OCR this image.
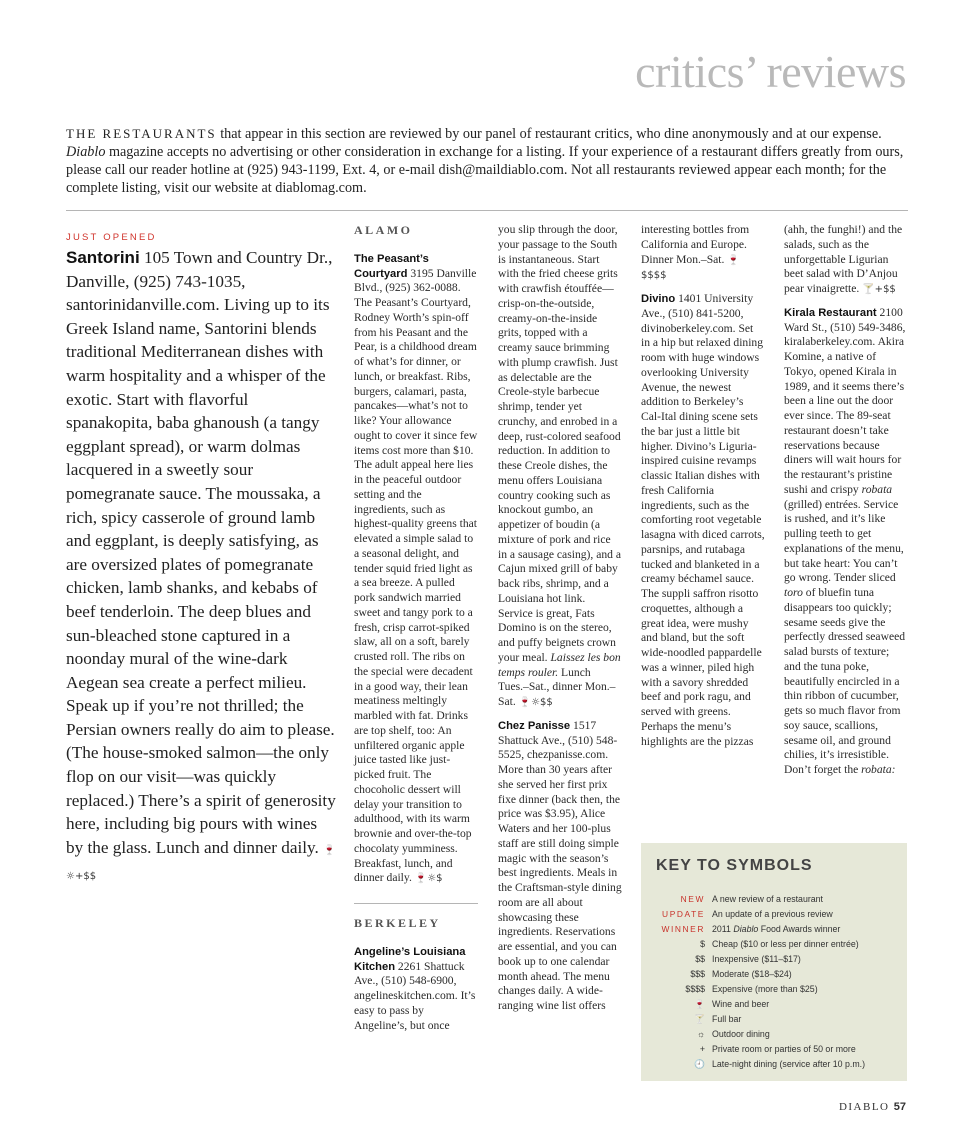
critics’ reviews
THE RESTAURANTS that appear in this section are reviewed by our panel of restaurant critics, who dine anonymously and at our expense. Diablo magazine accepts no advertising or other consideration in exchange for a listing. If your experience of a restaurant differs greatly from ours, please call our reader hotline at (925) 943-1199, Ext. 4, or e-mail dish@maildiablo.com. Not all restaurants reviewed appear each month; for the complete listing, visit our website at diablomag.com.
JUST OPENED
Santorini 105 Town and Country Dr., Danville, (925) 743-1035, santorinidanville.com. Living up to its Greek Island name, Santorini blends traditional Mediterranean dishes with warm hospitality and a whisper of the exotic. Start with flavorful spanakopita, baba ghanoush (a tangy eggplant spread), or warm dolmas lacquered in a sweetly sour pomegranate sauce. The moussaka, a rich, spicy casserole of ground lamb and eggplant, is deeply satisfying, as are oversized plates of pomegranate chicken, lamb shanks, and kebabs of beef tenderloin. The deep blues and sun-bleached stone captured in a noonday mural of the wine-dark Aegean sea create a perfect milieu. Speak up if you’re not thrilled; the Persian owners really do aim to please. (The house-smoked salmon—the only flop on our visit—was quickly replaced.) There’s a spirit of generosity here, including big pours with wines by the glass. Lunch and dinner daily. 🍷☼+$$
ALAMO

The Peasant’s Courtyard 3195 Danville Blvd., (925) 362-0088. The Peasant’s Courtyard, Rodney Worth’s spin-off from his Peasant and the Pear, is a childhood dream of what’s for dinner, or lunch, or breakfast. Ribs, burgers, calamari, pasta, pancakes—what’s not to like? Your allowance ought to cover it since few items cost more than $10. The adult appeal here lies in the peaceful outdoor setting and the ingredients, such as highest-quality greens that elevated a simple salad to a seasonal delight, and tender squid fried light as a sea breeze. A pulled pork sandwich married sweet and tangy pork to a fresh, crisp carrot-spiked slaw, all on a soft, barely crusted roll. The ribs on the special were decadent in a good way, their lean meatiness meltingly marbled with fat. Drinks are top shelf, too: An unfiltered organic apple juice tasted like just-picked fruit. The chocoholic dessert will delay your transition to adulthood, with its warm brownie and over-the-top chocolaty yumminess. Breakfast, lunch, and dinner daily. 🍷☼$

BERKELEY

Angeline’s Louisiana Kitchen 2261 Shattuck Ave., (510) 548-6900, angelineskitchen.com. It’s easy to pass by Angeline’s, but once

you slip through the door, your passage to the South is instantaneous. Start with the fried cheese grits with crawfish étouffée—crisp-on-the-outside, creamy-on-the-inside grits, topped with a creamy sauce brimming with plump crawfish. Just as delectable are the Creole-style barbecue shrimp, tender yet crunchy, and enrobed in a deep, rust-colored seafood reduction. In addition to these Creole dishes, the menu offers Louisiana country cooking such as knockout gumbo, an appetizer of boudin (a mixture of pork and rice in a sausage casing), and a Cajun mixed grill of baby back ribs, shrimp, and a Louisiana hot link. Service is great, Fats Domino is on the stereo, and puffy beignets crown your meal. Laissez les bon temps rouler. Lunch Tues.–Sat., dinner Mon.–Sat. 🍷☼$$

Chez Panisse 1517 Shattuck Ave., (510) 548-5525, chezpanisse.com. More than 30 years after she served her first prix fixe dinner (back then, the price was $3.95), Alice Waters and her 100-plus staff are still doing simple magic with the season’s best ingredients. Meals in the Craftsman-style dining room are all about showcasing these ingredients. Reservations are essential, and you can book up to one calendar month ahead. The menu changes daily. A wide-ranging wine list offers

interesting bottles from California and Europe. Dinner Mon.–Sat. 🍷$$$$

Divino 1401 University Ave., (510) 841-5200, divinoberkeley.com. Set in a hip but relaxed dining room with huge windows overlooking University Avenue, the newest addition to Berkeley’s Cal-Ital dining scene sets the bar just a little bit higher. Divino’s Liguria-inspired cuisine revamps classic Italian dishes with fresh California ingredients, such as the comforting root vegetable lasagna with diced carrots, parsnips, and rutabaga tucked and blanketed in a creamy béchamel sauce. The suppli saffron risotto croquettes, although a great idea, were mushy and bland, but the soft wide-noodled pappardelle was a winner, piled high with a savory shredded beef and pork ragu, and served with greens. Perhaps the menu’s highlights are the pizzas

(ahh, the funghi!) and the salads, such as the unforgettable Ligurian beet salad with D’Anjou pear vinaigrette. 🍸+$$

Kirala Restaurant 2100 Ward St., (510) 549-3486, kiralaberkeley.com. Akira Komine, a native of Tokyo, opened Kirala in 1989, and it seems there’s been a line out the door ever since. The 89-seat restaurant doesn’t take reservations because diners will wait hours for the restaurant’s pristine sushi and crispy robata (grilled) entrées. Service is rushed, and it’s like pulling teeth to get explanations of the menu, but take heart: You can’t go wrong. Tender sliced toro of bluefin tuna disappears too quickly; sesame seeds give the perfectly dressed seaweed salad bursts of texture; and the tuna poke, beautifully encircled in a thin ribbon of cucumber, gets so much flavor from soy sauce, scallions, sesame oil, and ground chilies, it’s irresistible. Don’t forget the robata:

KEY TO SYMBOLS
NEW A new review of a restaurant
UPDATE An update of a previous review
WINNER 2011 Diablo Food Awards winner
$ Cheap ($10 or less per dinner entrée)
$$ Inexpensive ($11–$17)
$$$ Moderate ($18–$24)
$$$$ Expensive (more than $25)
🍷 Wine and beer
🍸 Full bar
☼ Outdoor dining
+ Private room or parties of 50 or more
🕘 Late-night dining (service after 10 p.m.)
DIABLO 57
